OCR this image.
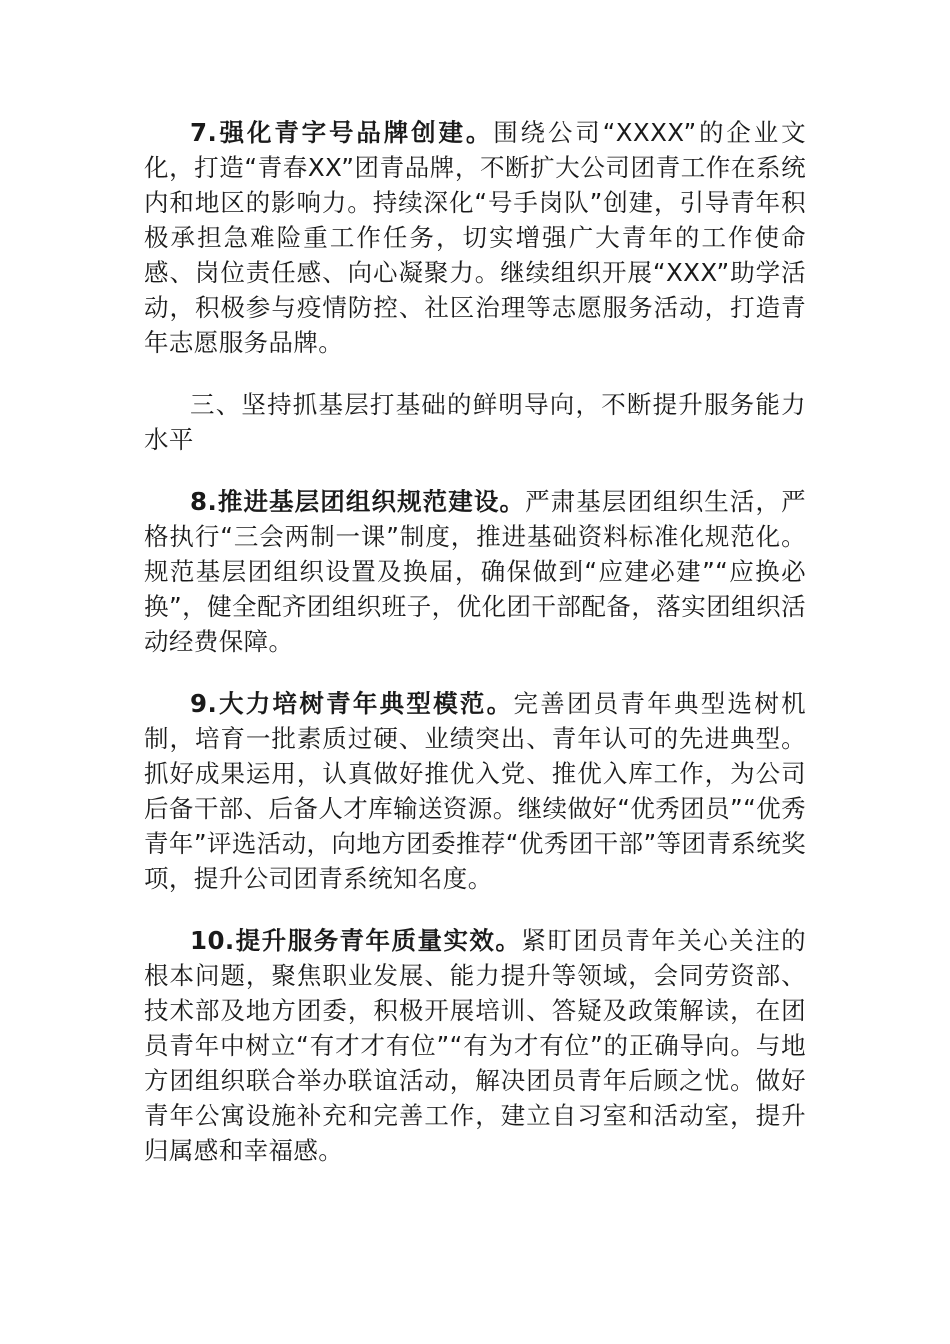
7.强化青字号品牌创建。围绕公司“XXXX”的企业文化，打造“青春XX”团青品牌，不断扩大公司团青工作在系统内和地区的影响力。持续深化“号手岗队”创建，引导青年积极承担急难险重工作任务，切实增强广大青年的工作使命感、岗位责任感、向心凝聚力。继续组织开展“XXX”助学活动，积极参与疫情防控、社区治理等志愿服务活动，打造青年志愿服务品牌。

三、坚持抓基层打基础的鲜明导向，不断提升服务能力水平

8.推进基层团组织规范建设。严肃基层团组织生活，严格执行“三会两制一课”制度，推进基础资料标准化规范化。规范基层团组织设置及换届，确保做到“应建必建”“应换必换”，健全配齐团组织班子，优化团干部配备，落实团组织活动经费保障。

9.大力培树青年典型模范。完善团员青年典型选树机制，培育一批素质过硬、业绩突出、青年认可的先进典型。抓好成果运用，认真做好推优入党、推优入库工作，为公司后备干部、后备人才库输送资源。继续做好“优秀团员”“优秀青年”评选活动，向地方团委推荐“优秀团干部”等团青系统奖项，提升公司团青系统知名度。

10.提升服务青年质量实效。紧盯团员青年关心关注的根本问题，聚焦职业发展、能力提升等领域，会同劳资部、技术部及地方团委，积极开展培训、答疑及政策解读，在团员青年中树立“有才才有位”“有为才有位”的正确导向。与地方团组织联合举办联谊活动，解决团员青年后顾之忧。做好青年公寓设施补充和完善工作，建立自习室和活动室，提升归属感和幸福感。
